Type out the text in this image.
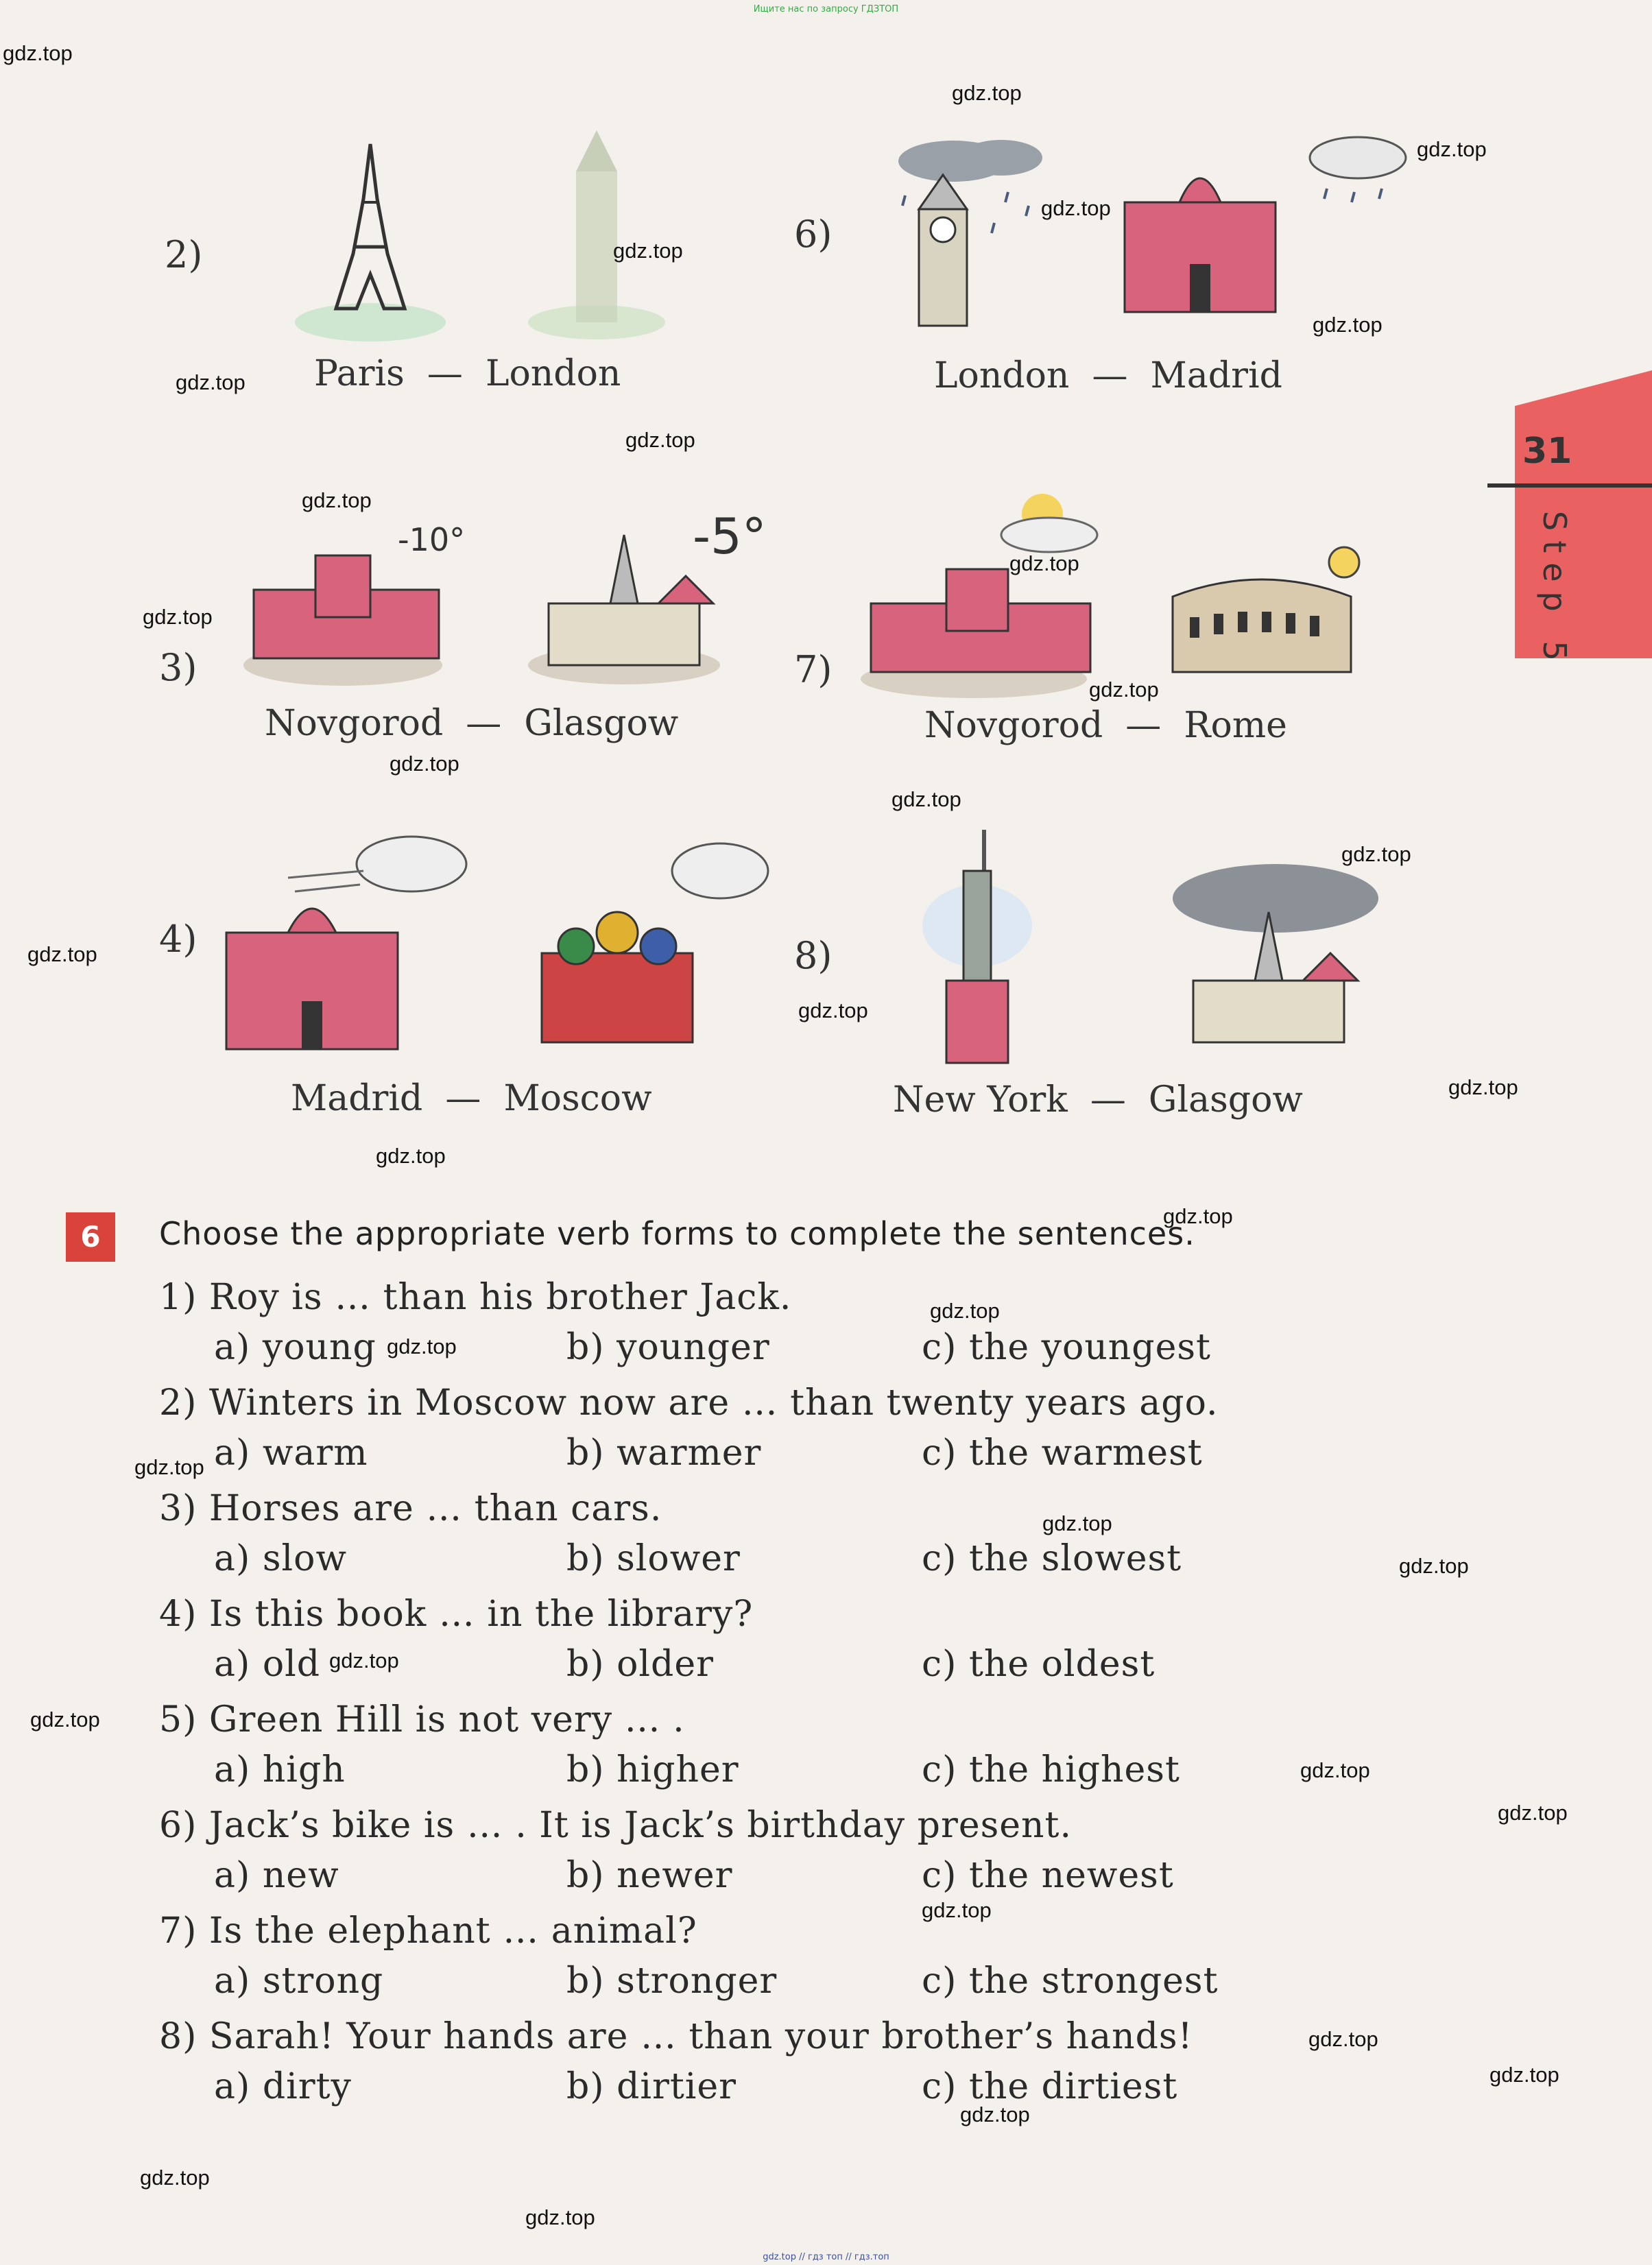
Ищите нас по запросу ГДЗТОП
gdz.top // гдз топ // гдз.топ
31
Step 5
2)
Paris — London
6)
London — Madrid
3)
-10°	-5°
Novgorod — Glasgow
7)
Novgorod — Rome
4)
Madrid — Moscow
8)
New York — Glasgow
6	Choose the appropriate verb forms to complete the sentences.
1) Roy is … than his brother Jack.
a) young	b) younger	c) the youngest
2) Winters in Moscow now are … than twenty years ago.
a) warm	b) warmer	c) the warmest
3) Horses are … than cars.
a) slow	b) slower	c) the slowest
4) Is this book … in the library?
a) old	b) older	c) the oldest
5) Green Hill is not very … .
a) high	b) higher	c) the highest
6) Jack’s bike is … . It is Jack’s birthday present.
a) new	b) newer	c) the newest
7) Is the elephant … animal?
a) strong	b) stronger	c) the strongest
8) Sarah! Your hands are … than your brother’s hands!
a) dirty	b) dirtier	c) the dirtiest
gdz.top
gdz.top
gdz.top
gdz.top
gdz.top
gdz.top
gdz.top
gdz.top
gdz.top
gdz.top
gdz.top
gdz.top
gdz.top
gdz.top
gdz.top
gdz.top
gdz.top
gdz.top
gdz.top
gdz.top
gdz.top
gdz.top
gdz.top
gdz.top
gdz.top
gdz.top
gdz.top
gdz.top
gdz.top
gdz.top
gdz.top
gdz.top
gdz.top
gdz.top
gdz.top
